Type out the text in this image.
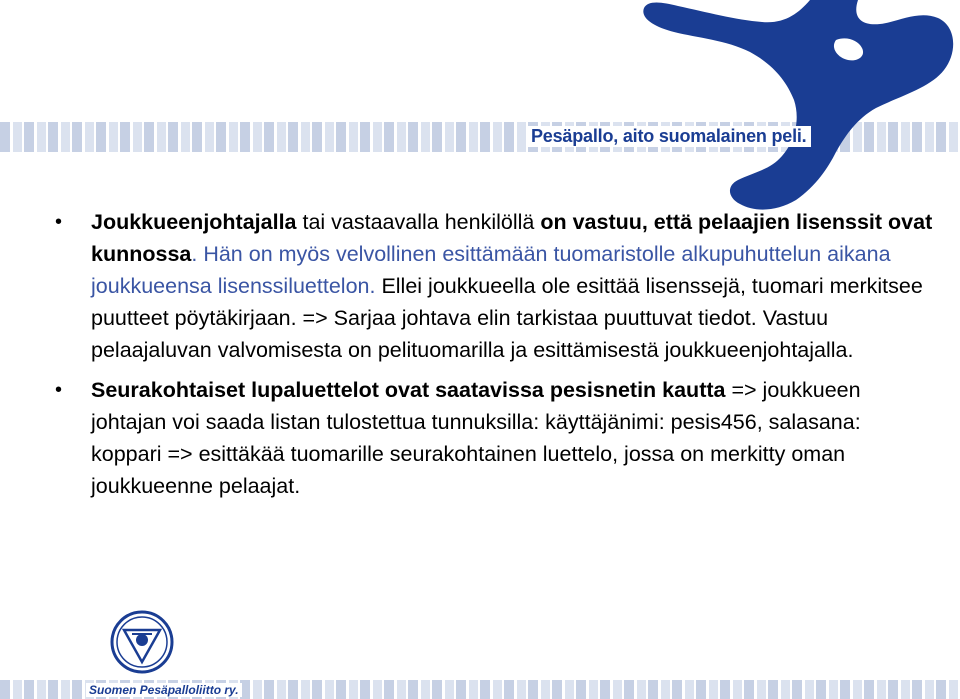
Pesäpallo, aito suomalainen peli.
• Joukkueenjohtajalla tai vastaavalla henkilöllä on vastuu, että pelaajien lisenssit ovat kunnossa. Hän on myös velvollinen esittämään tuomaristolle alkupuhuttelun aikana joukkueensa lisenssiluettelon. Ellei joukkueella ole esittää lisenssejä, tuomari merkitsee puutteet pöytäkirjaan. => Sarjaa johtava elin tarkistaa puuttuvat tiedot. Vastuu pelaajaluvan valvomisesta on pelituomarilla ja esittämisestä joukkueenjohtajalla.
• Seurakohtaiset lupaluettelot ovat saatavissa pesisnetin kautta => joukkueen johtajan voi saada listan tulostettua tunnuksilla: käyttäjänimi: pesis456, salasana: koppari => esittäkää tuomarille seurakohtainen luettelo, jossa on merkitty oman joukkueenne pelaajat.
Suomen Pesäpalloliitto ry.
